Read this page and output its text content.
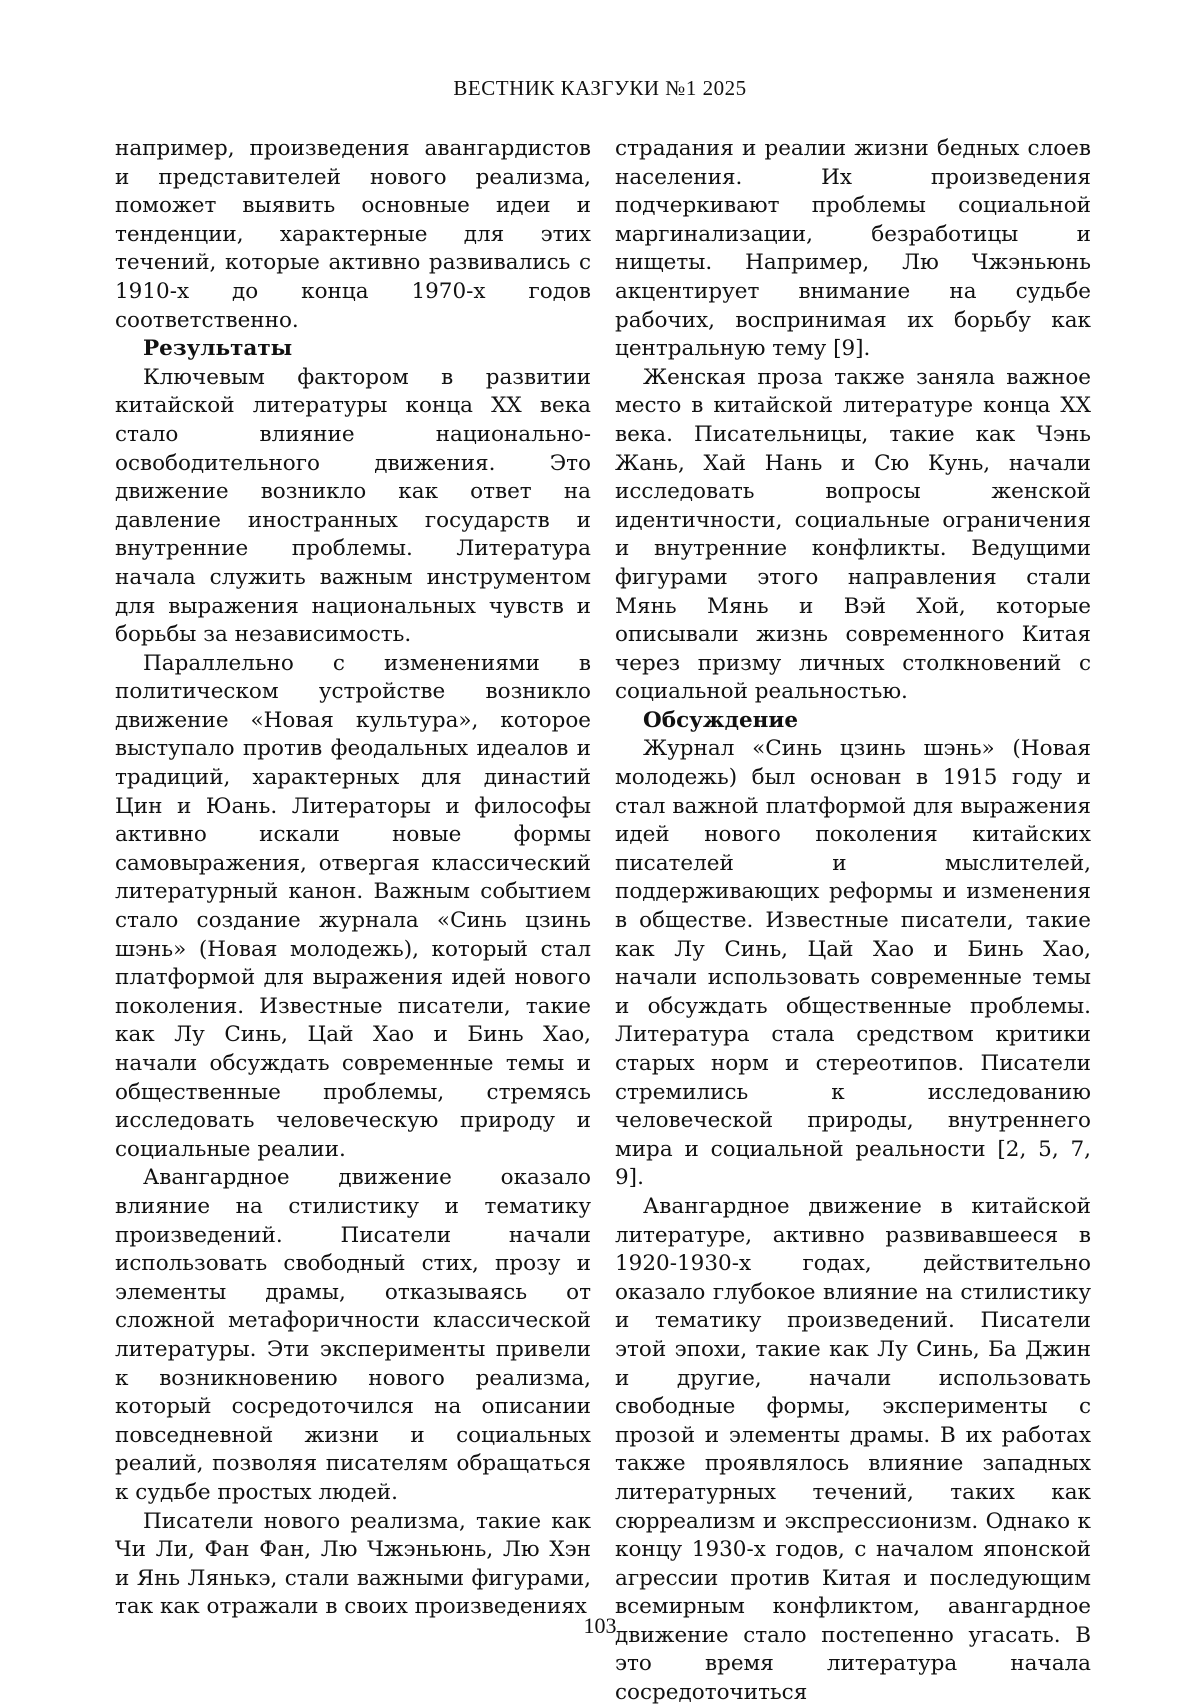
ВЕСТНИК КАЗГУКИ №1 2025

например, произведения авангардистов и представителей нового реализма, поможет выявить основные идеи и тенденции, характерные для этих течений, которые активно развивались с 1910-х до конца 1970-х годов соответственно.

Результаты

Ключевым фактором в развитии китайской литературы конца XX века стало влияние национально-освободительного движения. Это движение возникло как ответ на давление иностранных государств и внутренние проблемы. Литература начала служить важным инструментом для выражения национальных чувств и борьбы за независимость.

Параллельно с изменениями в политическом устройстве возникло движение «Новая культура», которое выступало против феодальных идеалов и традиций, характерных для династий Цин и Юань. Литераторы и философы активно искали новые формы самовыражения, отвергая классический литературный канон. Важным событием стало создание журнала «Синь цзинь шэнь» (Новая молодежь), который стал платформой для выражения идей нового поколения. Известные писатели, такие как Лу Синь, Цай Хао и Бинь Хао, начали обсуждать современные темы и общественные проблемы, стремясь исследовать человеческую природу и социальные реалии.

Авангардное движение оказало влияние на стилистику и тематику произведений. Писатели начали использовать свободный стих, прозу и элементы драмы, отказываясь от сложной метафоричности классической литературы. Эти эксперименты привели к возникновению нового реализма, который сосредоточился на описании повседневной жизни и социальных реалий, позволяя писателям обращаться к судьбе простых людей.

Писатели нового реализма, такие как Чи Ли, Фан Фан, Лю Чжэньюнь, Лю Хэн и Янь Лянькэ, стали важными фигурами, так как отражали в своих произведениях

страдания и реалии жизни бедных слоев населения. Их произведения подчеркивают проблемы социальной маргинализации, безработицы и нищеты. Например, Лю Чжэньюнь акцентирует внимание на судьбе рабочих, воспринимая их борьбу как центральную тему [9].

Женская проза также заняла важное место в китайской литературе конца XX века. Писательницы, такие как Чэнь Жань, Хай Нань и Сю Кунь, начали исследовать вопросы женской идентичности, социальные ограничения и внутренние конфликты. Ведущими фигурами этого направления стали Мянь Мянь и Вэй Хой, которые описывали жизнь современного Китая через призму личных столкновений с социальной реальностью.

Обсуждение

Журнал «Синь цзинь шэнь» (Новая молодежь) был основан в 1915 году и стал важной платформой для выражения идей нового поколения китайских писателей и мыслителей, поддерживающих реформы и изменения в обществе. Известные писатели, такие как Лу Синь, Цай Хао и Бинь Хао, начали использовать современные темы и обсуждать общественные проблемы. Литература стала средством критики старых норм и стереотипов. Писатели стремились к исследованию человеческой природы, внутреннего мира и социальной реальности [2, 5, 7, 9].

Авангардное движение в китайской литературе, активно развивавшееся в 1920-1930-х годах, действительно оказало глубокое влияние на стилистику и тематику произведений. Писатели этой эпохи, такие как Лу Синь, Ба Джин и другие, начали использовать свободные формы, эксперименты с прозой и элементы драмы. В их работах также проявлялось влияние западных литературных течений, таких как сюрреализм и экспрессионизм. Однако к концу 1930-х годов, с началом японской агрессии против Китая и последующим всемирным конфликтом, авангардное движение стало постепенно угасать. В это время литература начала сосредоточиться

103
